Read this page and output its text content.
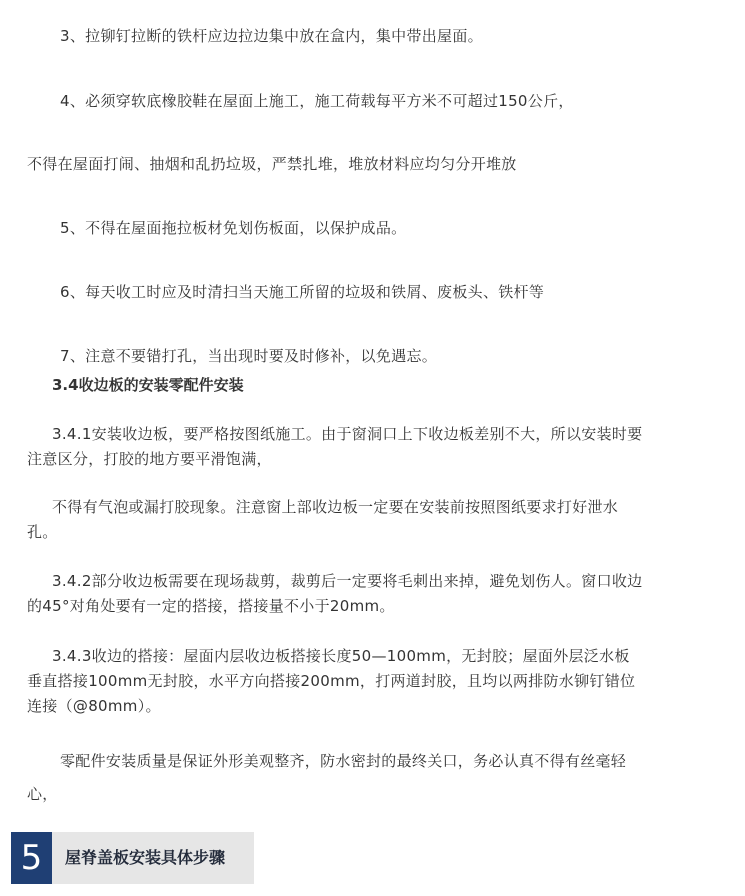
3、拉铆钉拉断的铁杆应边拉边集中放在盒内，集中带出屋面。
4、必须穿软底橡胶鞋在屋面上施工，施工荷载每平方米不可超过150公斤，
不得在屋面打闹、抽烟和乱扔垃圾，严禁扎堆，堆放材料应均匀分开堆放
5、不得在屋面拖拉板材免划伤板面，以保护成品。
6、每天收工时应及时清扫当天施工所留的垃圾和铁屑、废板头、铁杆等
7、注意不要错打孔，当出现时要及时修补，以免遇忘。
3.4收边板的安装零配件安装
3.4.1安装收边板，要严格按图纸施工。由于窗洞口上下收边板差别不大，所以安装时要
注意区分，打胶的地方要平滑饱满，
不得有气泡或漏打胶现象。注意窗上部收边板一定要在安装前按照图纸要求打好泄水
孔。
3.4.2部分收边板需要在现场裁剪，裁剪后一定要将毛刺出来掉，避免划伤人。窗口收边
的45°对角处要有一定的搭接，搭接量不小于20mm。
3.4.3收边的搭接：屋面内层收边板搭接长度50—100mm，无封胶；屋面外层泛水板
垂直搭接100mm无封胶，水平方向搭接200mm，打两道封胶，且均以两排防水铆钉错位
连接（@80mm）。
零配件安装质量是保证外形美观整齐，防水密封的最终关口，务必认真不得有丝毫轻
心，
5	屋脊盖板安装具体步骤
